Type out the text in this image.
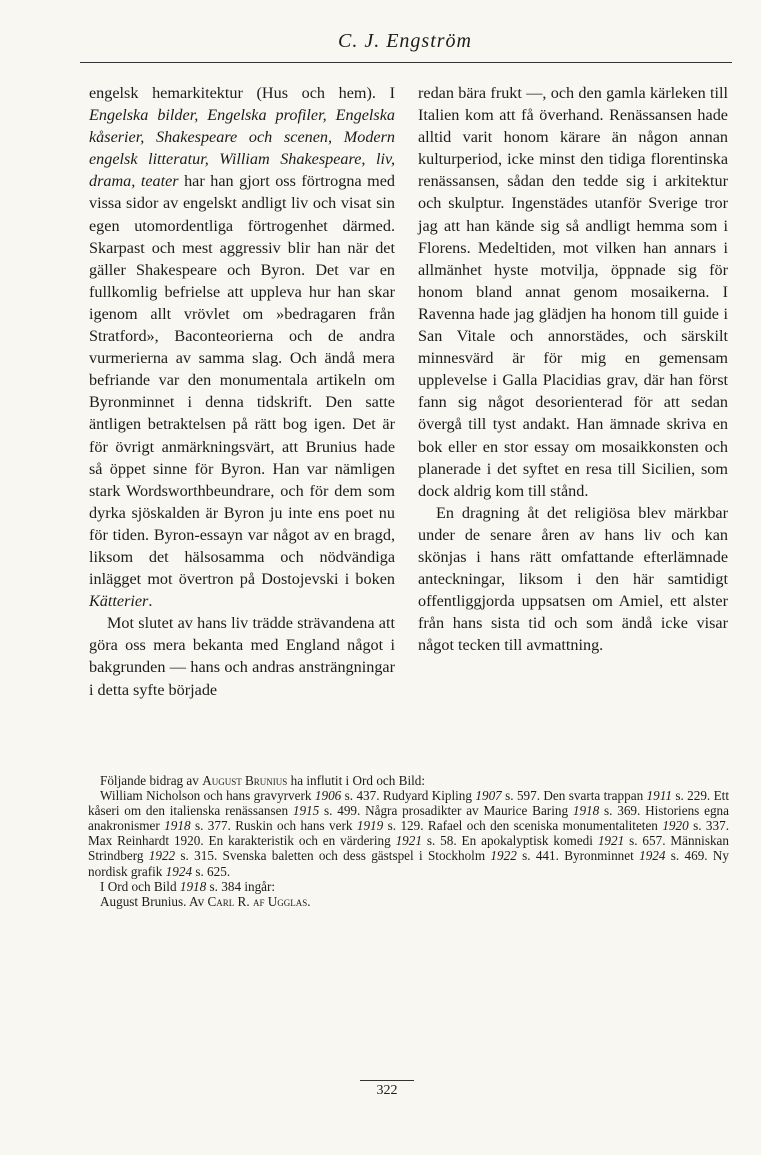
C. J. Engström

engelsk hemarkitektur (Hus och hem). I Engelska bilder, Engelska profiler, Engelska kåserier, Shakespeare och scenen, Modern engelsk litteratur, William Shakespeare, liv, drama, teater har han gjort oss förtrogna med vissa sidor av engelskt andligt liv och visat sin egen utomordentliga förtrogenhet därmed. Skarpast och mest aggressiv blir han när det gäller Shakespeare och Byron. Det var en fullkomlig befrielse att uppleva hur han skar igenom allt vrövlet om »bedragaren från Stratford», Baconteorierna och de andra vurmerierna av samma slag. Och ändå mera befriande var den monumentala artikeln om Byronminnet i denna tidskrift. Den satte äntligen betraktelsen på rätt bog igen. Det är för övrigt anmärkningsvärt, att Brunius hade så öppet sinne för Byron. Han var nämligen stark Wordsworthbeundrare, och för dem som dyrka sjöskalden är Byron ju inte ens poet nu för tiden. Byron-essayn var något av en bragd, liksom det hälsosamma och nödvändiga inlägget mot övertron på Dostojevski i boken Kätterier.

Mot slutet av hans liv trädde strävandena att göra oss mera bekanta med England något i bakgrunden — hans och andras ansträngningar i detta syfte började

redan bära frukt —, och den gamla kärleken till Italien kom att få överhand. Renässansen hade alltid varit honom kärare än någon annan kulturperiod, icke minst den tidiga florentinska renässansen, sådan den tedde sig i arkitektur och skulptur. Ingenstädes utanför Sverige tror jag att han kände sig så andligt hemma som i Florens. Medeltiden, mot vilken han annars i allmänhet hyste motvilja, öppnade sig för honom bland annat genom mosaikerna. I Ravenna hade jag glädjen ha honom till guide i San Vitale och annorstädes, och särskilt minnesvärd är för mig en gemensam upplevelse i Galla Placidias grav, där han först fann sig något desorienterad för att sedan övergå till tyst andakt. Han ämnade skriva en bok eller en stor essay om mosaikkonsten och planerade i det syftet en resa till Sicilien, som dock aldrig kom till stånd.

En dragning åt det religiösa blev märkbar under de senare åren av hans liv och kan skönjas i hans rätt omfattande efterlämnade anteckningar, liksom i den här samtidigt offentliggjorda uppsatsen om Amiel, ett alster från hans sista tid och som ändå icke visar något tecken till avmattning.

Följande bidrag av August Brunius ha influtit i Ord och Bild:

William Nicholson och hans gravyrverk 1906 s. 437. Rudyard Kipling 1907 s. 597. Den svarta trappan 1911 s. 229. Ett kåseri om den italienska renässansen 1915 s. 499. Några prosadikter av Maurice Baring 1918 s. 369. Historiens egna anakronismer 1918 s. 377. Ruskin och hans verk 1919 s. 129. Rafael och den sceniska monumentaliteten 1920 s. 337. Max Reinhardt 1920. En karakteristik och en värdering 1921 s. 58. En apokalyptisk komedi 1921 s. 657. Människan Strindberg 1922 s. 315. Svenska baletten och dess gästspel i Stockholm 1922 s. 441. Byronminnet 1924 s. 469. Ny nordisk grafik 1924 s. 625.

I Ord och Bild 1918 s. 384 ingår:

August Brunius. Av Carl R. af Ugglas.

322
